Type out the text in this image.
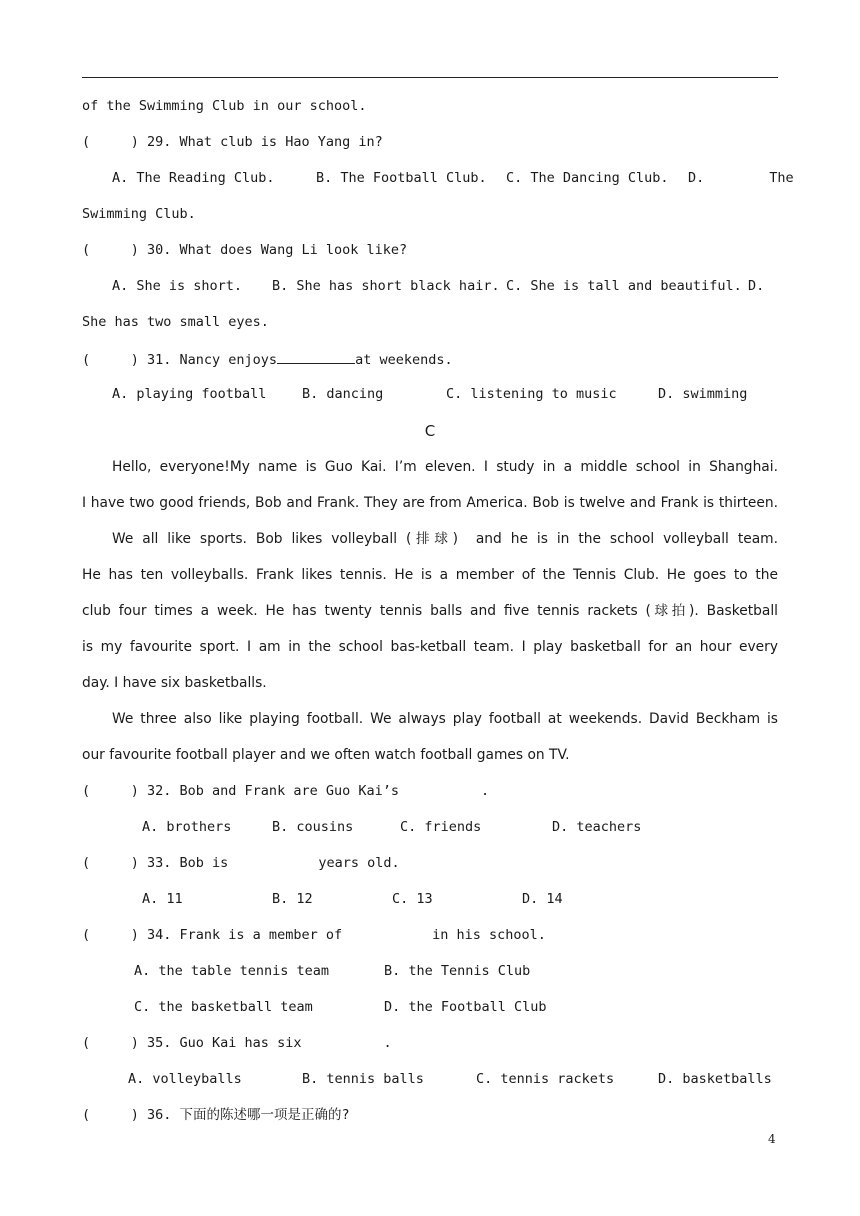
of the Swimming Club in our school.
(     ) 29. What club is Hao Yang in?
A. The Reading Club.	B. The Football Club. C. The Dancing Club. D.        The
Swimming Club.
(     ) 30. What does Wang Li look like?
A. She is short. B. She has short black hair. C. She is tall and beautiful. D.
She has two small eyes.
(     ) 31. Nancy enjoys	at weekends.
A. playing football	B. dancing	C. listening to music	D. swimming
C
Hello, everyone!My name is Guo Kai. I’m eleven. I study in a middle school in Shanghai.
I have two good friends, Bob and Frank. They are from America. Bob is twelve and Frank is thirteen.
We all like sports. Bob likes volleyball (排球)  and he is in the school volleyball team.
He has ten volleyballs. Frank likes tennis. He is a member of the Tennis Club. He goes to the
club four times a week. He has twenty tennis balls and five tennis rackets (球拍). Basketball
is my favourite sport. I am in the school bas-ketball team. I play basketball for an hour every
day. I have six basketballs.
We three also like playing football. We always play football at weekends. David Beckham is
our favourite football player and we often watch football games on TV.
(     ) 32. Bob and Frank are Guo Kai’s	.
A. brothers	B. cousins	C. friends	D. teachers
(     ) 33. Bob is	years old.
A. 11	B. 12	C. 13	D. 14
(     ) 34. Frank is a member of	in his school.
A. the table tennis team	B. the Tennis Club
C. the basketball team	D. the Football Club
(     ) 35. Guo Kai has six	.
A. volleyballs	B. tennis balls	C. tennis rackets	D. basketballs
(     ) 36. 下面的陈述哪一项是正确的?
4
